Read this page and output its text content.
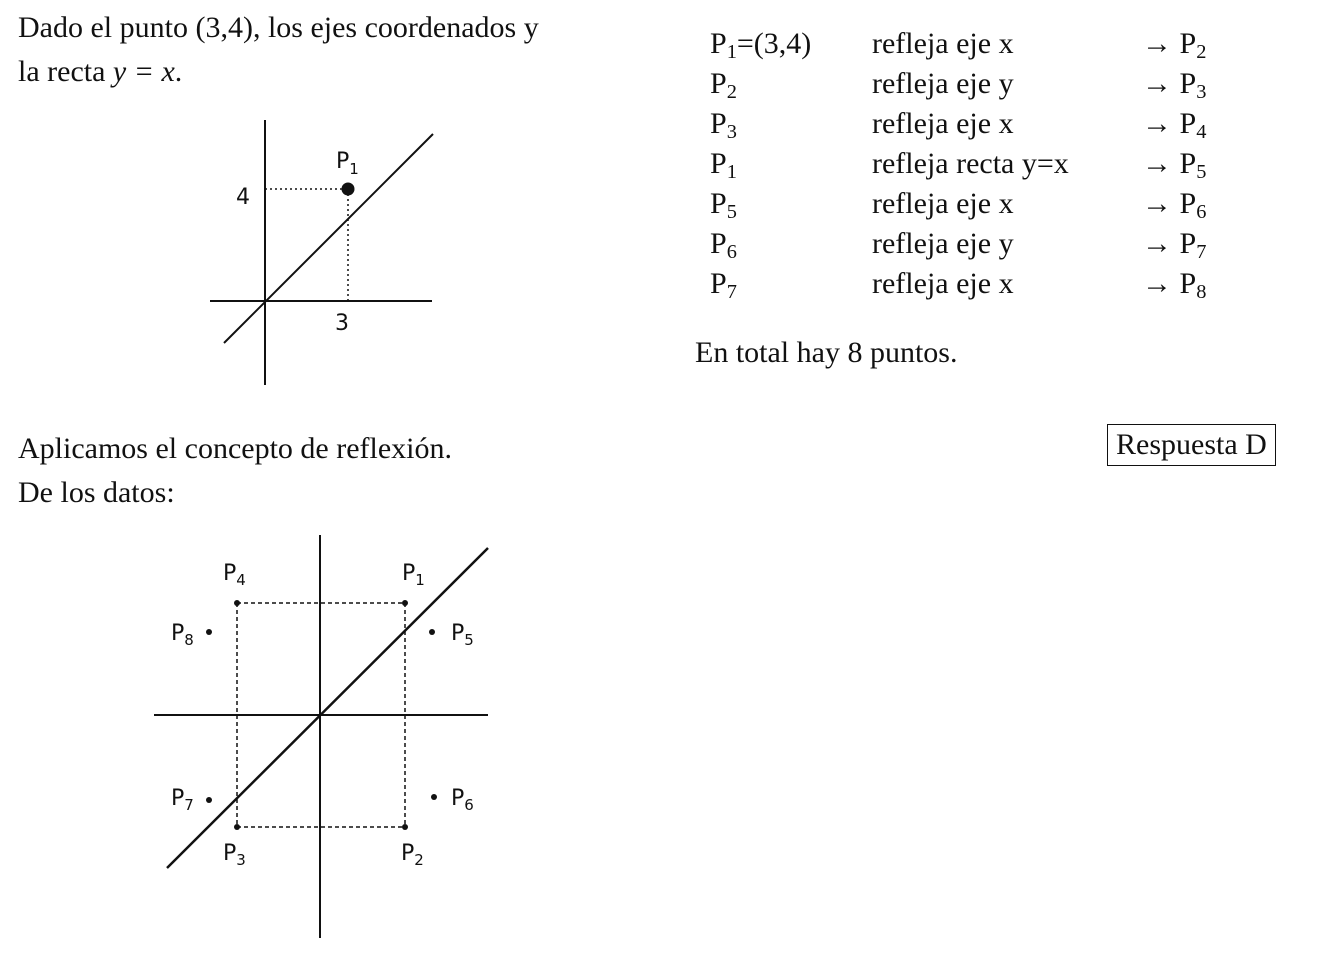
Dado el punto (3,4), los ejes coordenados y
la recta y = x.
$P_1$
4
3
$P_1=(3,4)$ refleja eje x	→ $P_2$
$P_2$	refleja eje y	→ $P_3$
$P_3$	refleja eje x	→ $P_4$
$P_1$	refleja recta $y=x \to P_5$
$P_5$	refleja eje x	→ $P_6$
$P_6$	refleja eje y	→ $P_7$
$P_7$	refleja eje x	→ $P_8$
En total hay 8 puntos.
Aplicamos el concepto de reflexión.
De los datos:
Respuesta D
$P_4$	$P_1$
$P_8$	$P_5$
$P_7$	$P_6$
$P_3$	$P_2$
